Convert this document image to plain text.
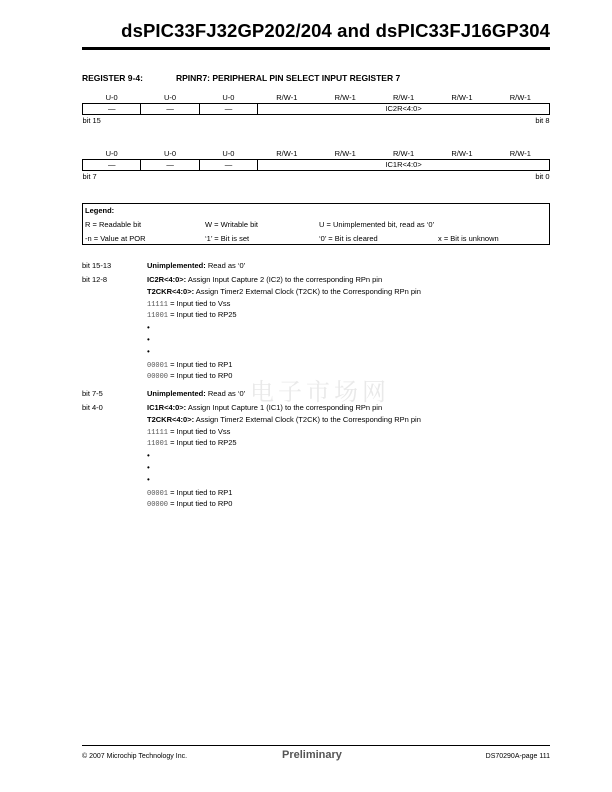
dsPIC33FJ32GP202/204 and dsPIC33FJ16GP304
REGISTER 9-4:	RPINR7: PERIPHERAL PIN SELECT INPUT REGISTER 7
U-0	U-0	U-0	R/W-1	R/W-1	R/W-1	R/W-1	R/W-1
—	—	—	IC2R<4:0>				
bit 15				bit 8			
U-0	U-0	U-0	R/W-1	R/W-1	R/W-1	R/W-1	R/W-1
—	—	—	IC1R<4:0>				
bit 7				bit 0			
Legend:
R = Readable bit	W = Writable bit	U = Unimplemented bit, read as ‘0’
-n = Value at POR	‘1’ = Bit is set	‘0’ = Bit is cleared	x = Bit is unknown
bit 15-13	Unimplemented: Read as ‘0’
bit 12-8	IC2R<4:0>: Assign Input Capture 2 (IC2) to the corresponding RPn pin
T2CKR<4:0>: Assign Timer2 External Clock (T2CK) to the Corresponding RPn pin
11111 = Input tied to Vss
11001 = Input tied to RP25
•
•
•
00001 = Input tied to RP1
00000 = Input tied to RP0
bit 7-5	Unimplemented: Read as ‘0’
bit 4-0	IC1R<4:0>: Assign Input Capture 1 (IC1) to the corresponding RPn pin
T2CKR<4:0>: Assign Timer2 External Clock (T2CK) to the Corresponding RPn pin
11111 = Input tied to Vss
11001 = Input tied to RP25
•
•
•
00001 = Input tied to RP1
00000 = Input tied to RP0
电子市场网
© 2007 Microchip Technology Inc.	Preliminary	DS70290A-page 111
